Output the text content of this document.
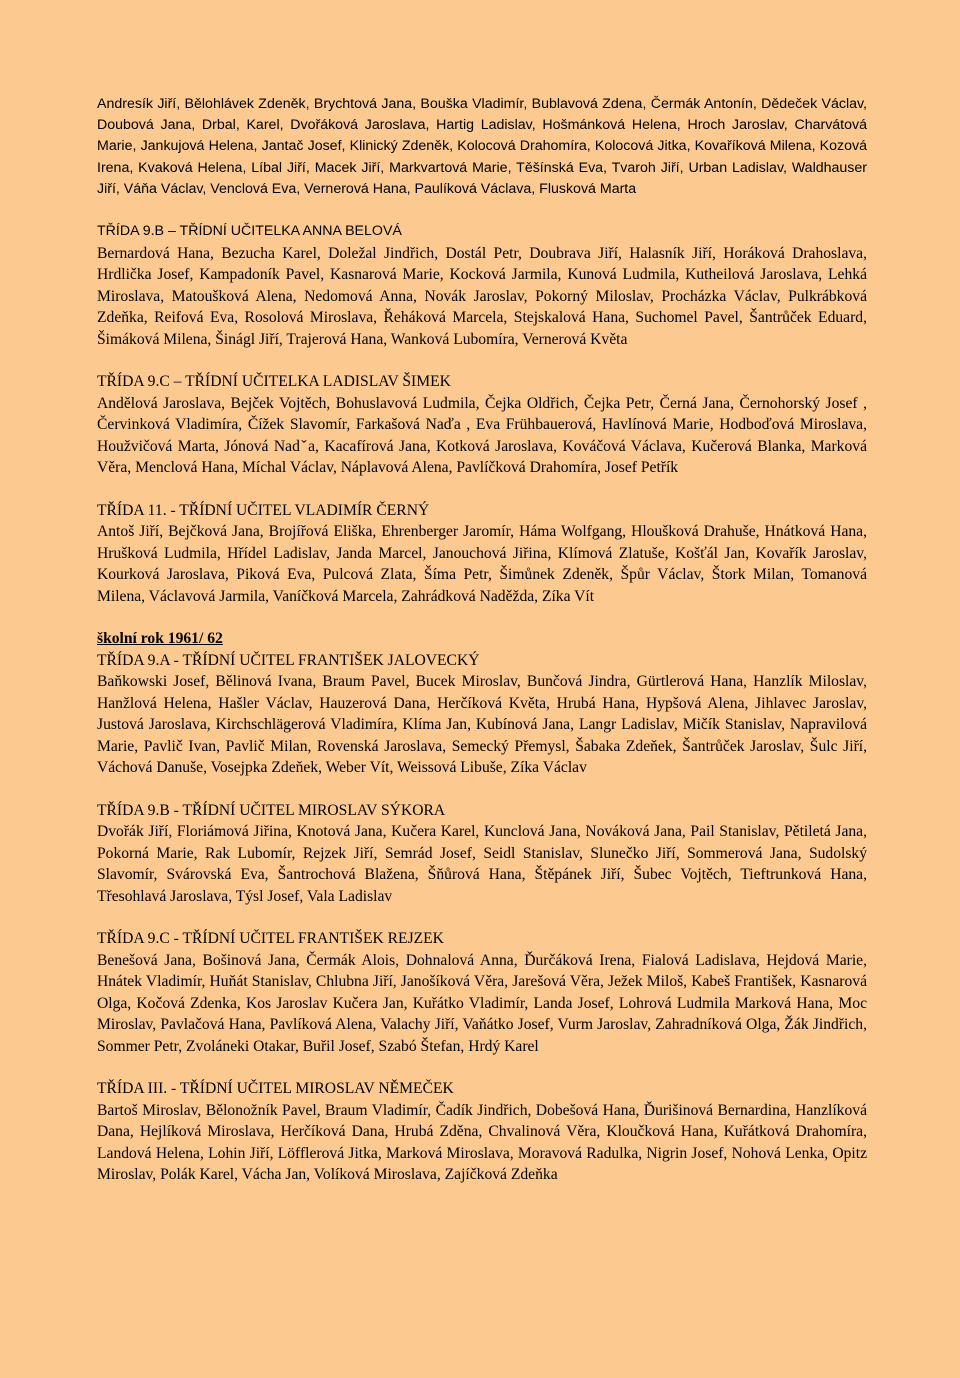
Andresík Jiří, Bělohlávek Zdeněk, Brychtová Jana, Bouška Vladimír, Bublavová Zdena, Čermák Antonín, Dědeček Václav, Doubová Jana, Drbal, Karel, Dvořáková Jaroslava, Hartig Ladislav, Hošmánková Helena, Hroch Jaroslav, Charvátová Marie, Jankujová Helena, Jantač Josef, Klinický Zdeněk, Kolocová Drahomíra, Kolocová Jitka, Kovaříková Milena, Kozová Irena, Kvaková Helena, Líbal Jiří, Macek Jiří, Markvartová Marie, Těšínská Eva, Tvaroh Jiří, Urban Ladislav, Waldhauser Jiří, Váňa Václav, Venclová Eva, Vernerová Hana, Paulíková Václava, Flusková Marta

TŘÍDA 9.B – TŘÍDNÍ UČITELKA ANNA BELOVÁ

Bernardová Hana, Bezucha Karel, Doležal Jindřich, Dostál Petr, Doubrava Jiří, Halasník Jiří, Horáková Drahoslava, Hrdlička Josef, Kampadoník Pavel, Kasnarová Marie, Kocková Jarmila, Kunová Ludmila, Kutheilová Jaroslava, Lehká Miroslava, Matoušková Alena, Nedomová Anna, Novák Jaroslav, Pokorný Miloslav, Procházka Václav, Pulkrábková Zdeňka, Reifová Eva, Rosolová Miroslava, Řeháková Marcela, Stejskalová Hana, Suchomel Pavel, Šantrůček Eduard, Šimáková Milena, Šinágl Jiří, Trajerová Hana, Wanková Lubomíra, Vernerová Květa

TŘÍDA 9.C – TŘÍDNÍ UČITELKA LADISLAV ŠIMEK

Andělová Jaroslava, Bejček Vojtěch, Bohuslavová Ludmila, Čejka Oldřich, Čejka Petr, Černá Jana, Černohorský Josef , Červinková Vladimíra, Čížek Slavomír, Farkašová Naďa , Eva Frühbauerová, Havlínová Marie, Hodboďová Miroslava, Houžvičová Marta, Jónová Nadˇa, Kacafírová Jana, Kotková Jaroslava, Kováčová Václava, Kučerová Blanka, Marková Věra, Menclová Hana, Míchal Václav, Náplavová Alena, Pavlíčková Drahomíra, Josef Petřík

TŘÍDA 11. - TŘÍDNÍ UČITEL VLADIMÍR ČERNÝ

Antoš Jiří, Bejčková Jana, Brojířová Eliška, Ehrenberger Jaromír, Háma Wolfgang, Hloušková Drahuše, Hnátková Hana, Hrušková Ludmila, Hřídel Ladislav, Janda Marcel, Janouchová Jiřina, Klímová Zlatuše, Košťál Jan, Kovařík Jaroslav, Kourková Jaroslava, Piková Eva, Pulcová Zlata, Šíma Petr, Šimůnek Zdeněk, Špůr Václav, Štork Milan, Tomanová Milena, Václavová Jarmila, Vaníčková Marcela, Zahrádková Naděžda, Zíka Vít

školní rok 1961/ 62

TŘÍDA 9.A - TŘÍDNÍ UČITEL FRANTIŠEK JALOVECKÝ

Baňkowski Josef, Bělinová Ivana, Braum Pavel, Bucek Miroslav, Bunčová Jindra, Gürtlerová Hana, Hanzlík Miloslav, Hanžlová Helena, Hašler Václav, Hauzerová Dana, Herčíková Květa, Hrubá Hana, Hypšová Alena, Jihlavec Jaroslav, Justová Jaroslava, Kirchschlägerová Vladimíra, Klíma Jan, Kubínová Jana, Langr Ladislav, Mičík Stanislav, Napravilová Marie, Pavlič Ivan, Pavlič Milan, Rovenská Jaroslava, Semecký Přemysl, Šabaka Zdeňek, Šantrůček Jaroslav, Šulc Jiří, Váchová Danuše, Vosejpka Zdeňek, Weber Vít, Weissová Libuše, Zíka Václav

TŘÍDA 9.B - TŘÍDNÍ UČITEL MIROSLAV SÝKORA

Dvořák Jiří, Floriámová Jiřina, Knotová Jana, Kučera Karel, Kunclová Jana, Nováková Jana, Pail Stanislav, Pětiletá Jana, Pokorná Marie, Rak Lubomír, Rejzek Jiří, Semrád Josef, Seidl Stanislav, Slunečko Jiří, Sommerová Jana, Sudolský Slavomír, Svárovská Eva, Šantrochová Blažena, Šňůrová Hana, Štěpánek Jiří, Šubec Vojtěch, Tieftrunková Hana, Třesohlavá Jaroslava, Týsl Josef, Vala Ladislav

TŘÍDA 9.C - TŘÍDNÍ UČITEL FRANTIŠEK REJZEK

Benešová Jana, Bošinová Jana, Čermák Alois, Dohnalová Anna, Ďurčáková Irena, Fialová Ladislava, Hejdová Marie, Hnátek Vladimír, Huňát Stanislav, Chlubna Jiří, Janošíková Věra, Jarešová Věra, Ježek Miloš, Kabeš František, Kasnarová Olga, Kočová Zdenka, Kos Jaroslav Kučera Jan, Kuřátko Vladimír, Landa Josef, Lohrová Ludmila Marková Hana, Moc Miroslav, Pavlačová Hana, Pavlíková Alena, Valachy Jiří, Vaňátko Josef, Vurm Jaroslav, Zahradníková Olga, Žák Jindřich, Sommer Petr, Zvoláneki Otakar, Buřil Josef, Szabó Štefan, Hrdý Karel

TŘÍDA III. - TŘÍDNÍ UČITEL MIROSLAV NĚMEČEK

Bartoš Miroslav, Bělonožník Pavel, Braum Vladimír, Čadík Jindřich, Dobešová Hana, Ďurišinová Bernardina, Hanzlíková Dana, Hejlíková Miroslava, Herčíková Dana, Hrubá Zděna, Chvalinová Věra, Kloučková Hana, Kuřátková Drahomíra, Landová Helena, Lohin Jiří, Löfflerová Jitka, Marková Miroslava, Moravová Radulka, Nigrin Josef, Nohová Lenka, Opitz Miroslav, Polák Karel, Vácha Jan, Volíková Miroslava, Zajíčková Zdeňka
